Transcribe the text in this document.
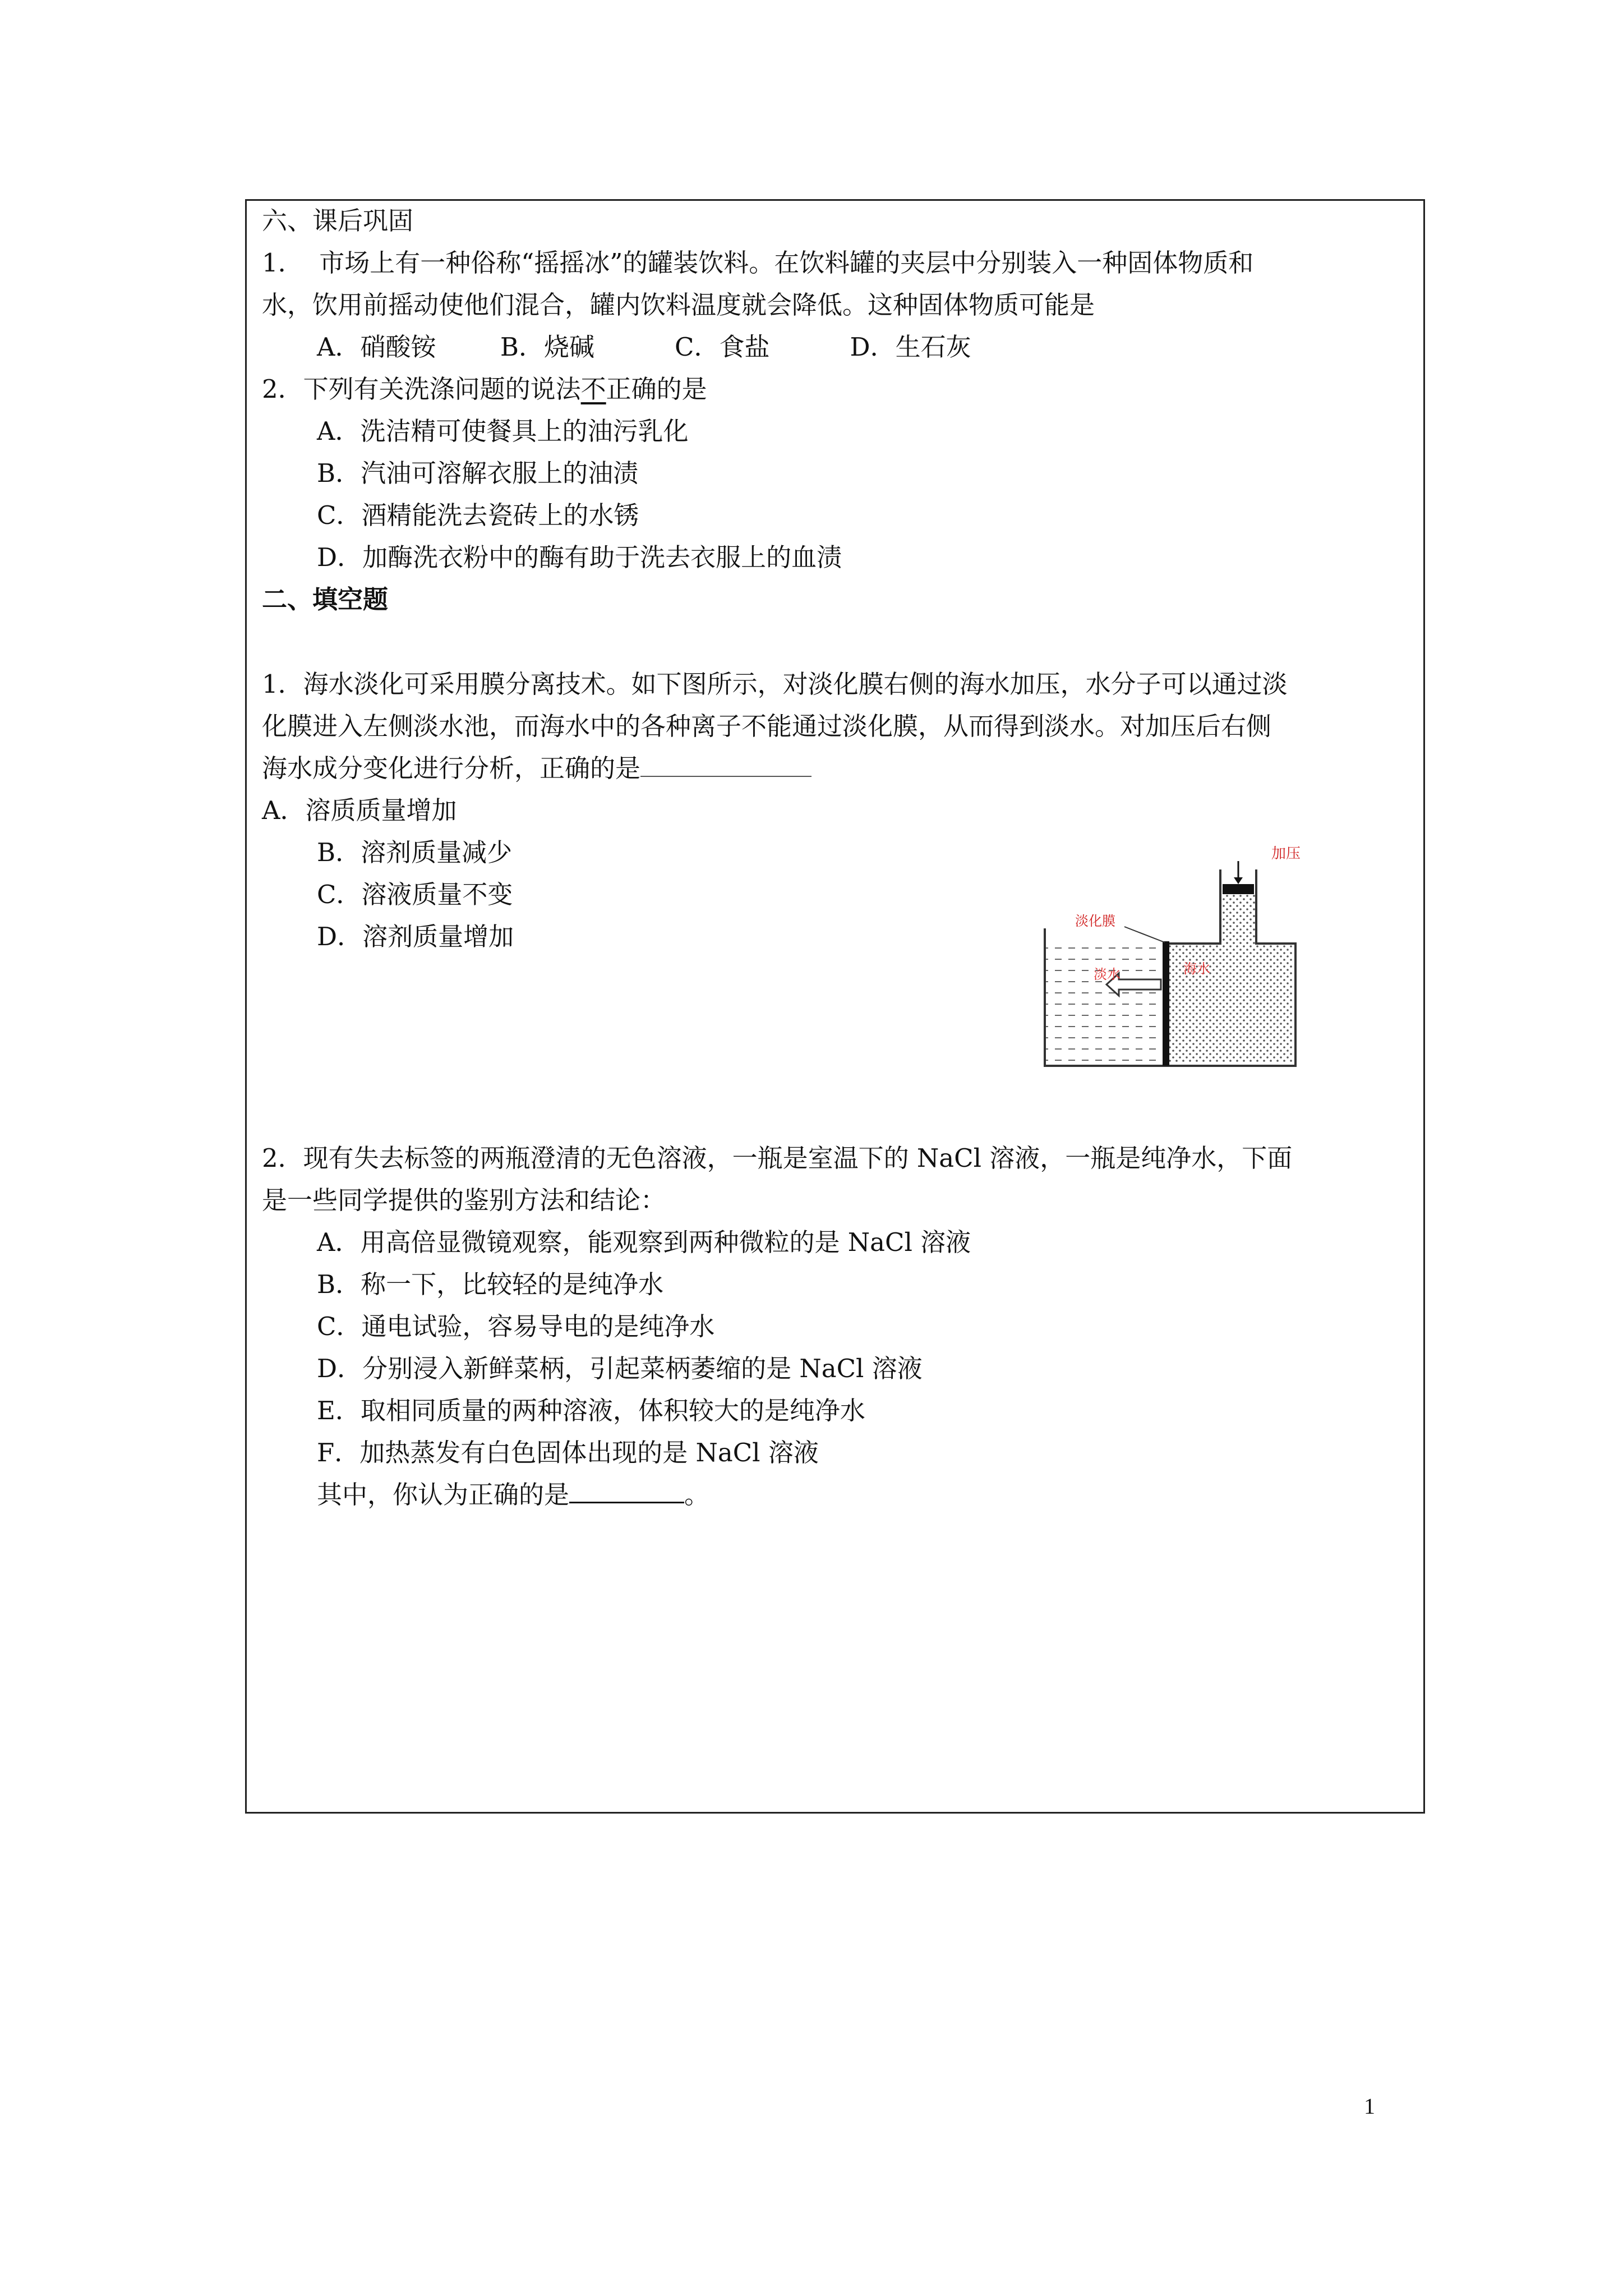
六、课后巩固
1．  市场上有一种俗称“摇摇冰”的罐装饮料。在饮料罐的夹层中分别装入一种固体物质和
水，饮用前摇动使他们混合，罐内饮料温度就会降低。这种固体物质可能是
A．硝酸铵        B．烧碱          C．食盐          D．生石灰
2．下列有关洗涤问题的说法不正确的是
A．洗洁精可使餐具上的油污乳化
B．汽油可溶解衣服上的油渍
C．酒精能洗去瓷砖上的水锈
D．加酶洗衣粉中的酶有助于洗去衣服上的血渍
二、填空题
1．海水淡化可采用膜分离技术。如下图所示，对淡化膜右侧的海水加压，水分子可以通过淡
化膜进入左侧淡水池，而海水中的各种离子不能通过淡化膜，从而得到淡水。对加压后右侧
海水成分变化进行分析，正确的是
A．溶质质量增加
B．溶剂质量减少
C．溶液质量不变
D．溶剂质量增加
加压
淡化膜
淡水	海水
2．现有失去标签的两瓶澄清的无色溶液，一瓶是室温下的 NaCl 溶液，一瓶是纯净水，下面
是一些同学提供的鉴别方法和结论：
A．用高倍显微镜观察，能观察到两种微粒的是 NaCl 溶液
B．称一下，比较轻的是纯净水
C．通电试验，容易导电的是纯净水
D．分别浸入新鲜菜柄，引起菜柄萎缩的是 NaCl 溶液
E．取相同质量的两种溶液，体积较大的是纯净水
F．加热蒸发有白色固体出现的是 NaCl 溶液
其中，你认为正确的是	。
1
